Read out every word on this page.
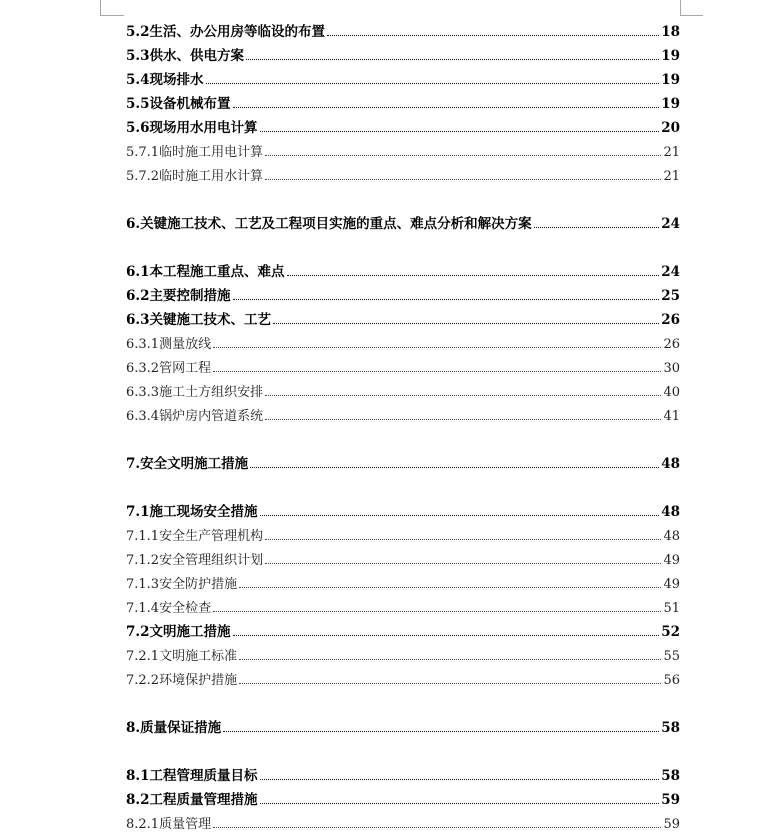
5.2生活、办公用房等临设的布置	18
5.3供水、供电方案	19
5.4现场排水	19
5.5设备机械布置	19
5.6现场用水用电计算	20
5.7.1临时施工用电计算	21
5.7.2临时施工用水计算	21
6.关键施工技术、工艺及工程项目实施的重点、难点分析和解决方案	24
6.1本工程施工重点、难点	24
6.2主要控制措施	25
6.3关键施工技术、工艺	26
6.3.1测量放线	26
6.3.2管网工程	30
6.3.3施工土方组织安排	40
6.3.4锅炉房内管道系统	41
7.安全文明施工措施	48
7.1施工现场安全措施	48
7.1.1安全生产管理机构	48
7.1.2安全管理组织计划	49
7.1.3安全防护措施	49
7.1.4安全检查	51
7.2文明施工措施	52
7.2.1文明施工标准	55
7.2.2环境保护措施	56
8.质量保证措施	58
8.1工程管理质量目标	58
8.2工程质量管理措施	59
8.2.1质量管理	59
